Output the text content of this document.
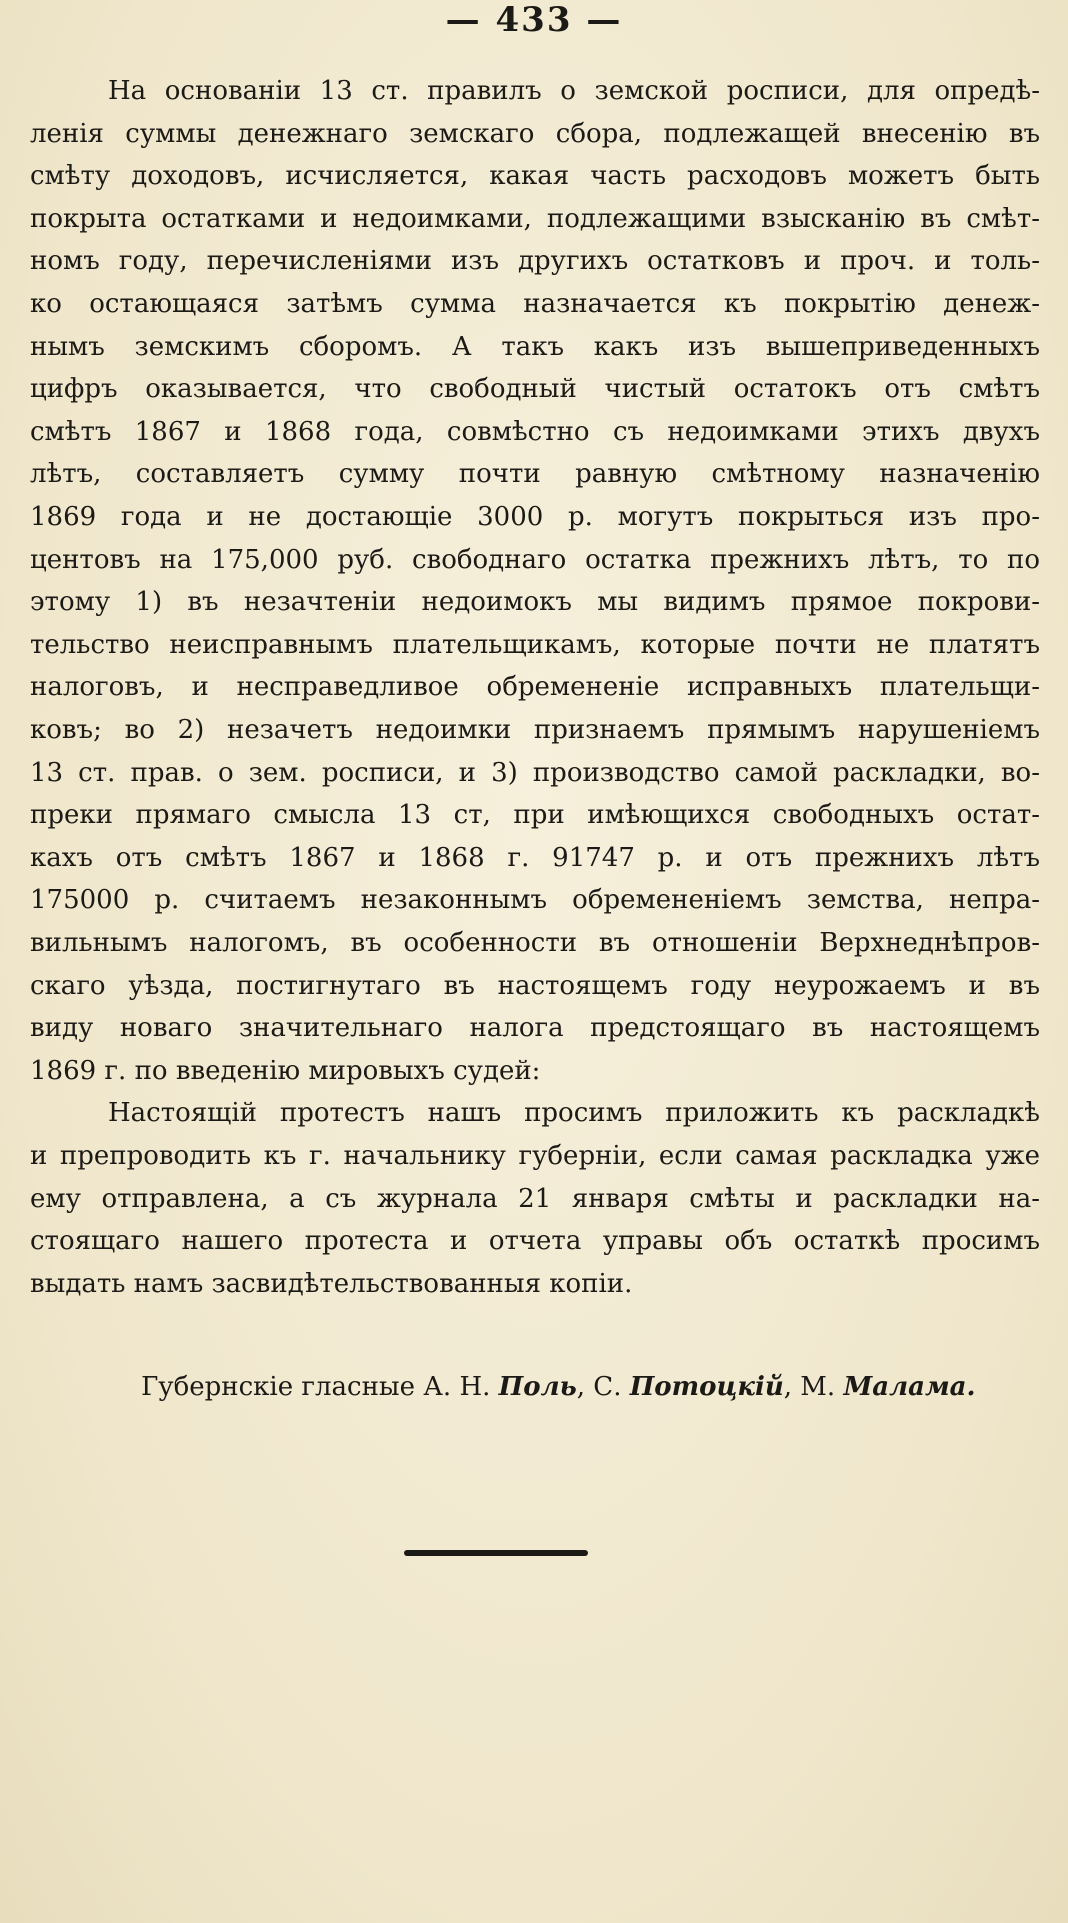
— 433 —
На основаніи 13 ст. правилъ о земской росписи, для опредѣ-
ленія суммы денежнаго земскаго сбора, подлежащей внесенію въ
смѣту доходовъ, исчисляется, какая часть расходовъ можетъ быть
покрыта остатками и недоимками, подлежащими взысканію въ смѣт-
номъ году, перечисленіями изъ другихъ остатковъ и проч. и толь-
ко остающаяся затѣмъ сумма назначается къ покрытію денеж-
нымъ земскимъ сборомъ. А такъ какъ изъ вышеприведенныхъ
цифръ оказывается, что свободный чистый остатокъ отъ смѣтъ
смѣтъ 1867 и 1868 года, совмѣстно съ недоимками этихъ двухъ
лѣтъ, составляетъ сумму почти равную смѣтному назначенію
1869 года и не достающіе 3000 р. могутъ покрыться изъ про-
центовъ на 175,000 руб. свободнаго остатка прежнихъ лѣтъ, то по
этому 1) въ незачтеніи недоимокъ мы видимъ прямое покрови-
тельство неисправнымъ плательщикамъ, которые почти не платятъ
налоговъ, и несправедливое обремененіе исправныхъ плательщи-
ковъ; во 2) незачетъ недоимки признаемъ прямымъ нарушеніемъ
13 ст. прав. о зем. росписи, и 3) производство самой раскладки, во-
преки прямаго смысла 13 ст, при имѣющихся свободныхъ остат-
кахъ отъ смѣтъ 1867 и 1868 г. 91747 р. и отъ прежнихъ лѣтъ
175000 р. считаемъ незаконнымъ обремененіемъ земства, непра-
вильнымъ налогомъ, въ особенности въ отношеніи Верхнеднѣпров-
скаго уѣзда, постигнутаго въ настоящемъ году неурожаемъ и въ
виду новаго значительнаго налога предстоящаго въ настоящемъ
1869 г. по введенію мировыхъ судей:
Настоящій протестъ нашъ просимъ приложить къ раскладкѣ
и препроводить къ г. начальнику губерніи, если самая раскладка уже
ему отправлена, а съ журнала 21 января смѣты и раскладки на-
стоящаго нашего протеста и отчета управы объ остаткѣ просимъ
выдать намъ засвидѣтельствованныя копіи.

Губернскіе гласные А. Н. Поль, С. Потоцкій, М. Малама.
